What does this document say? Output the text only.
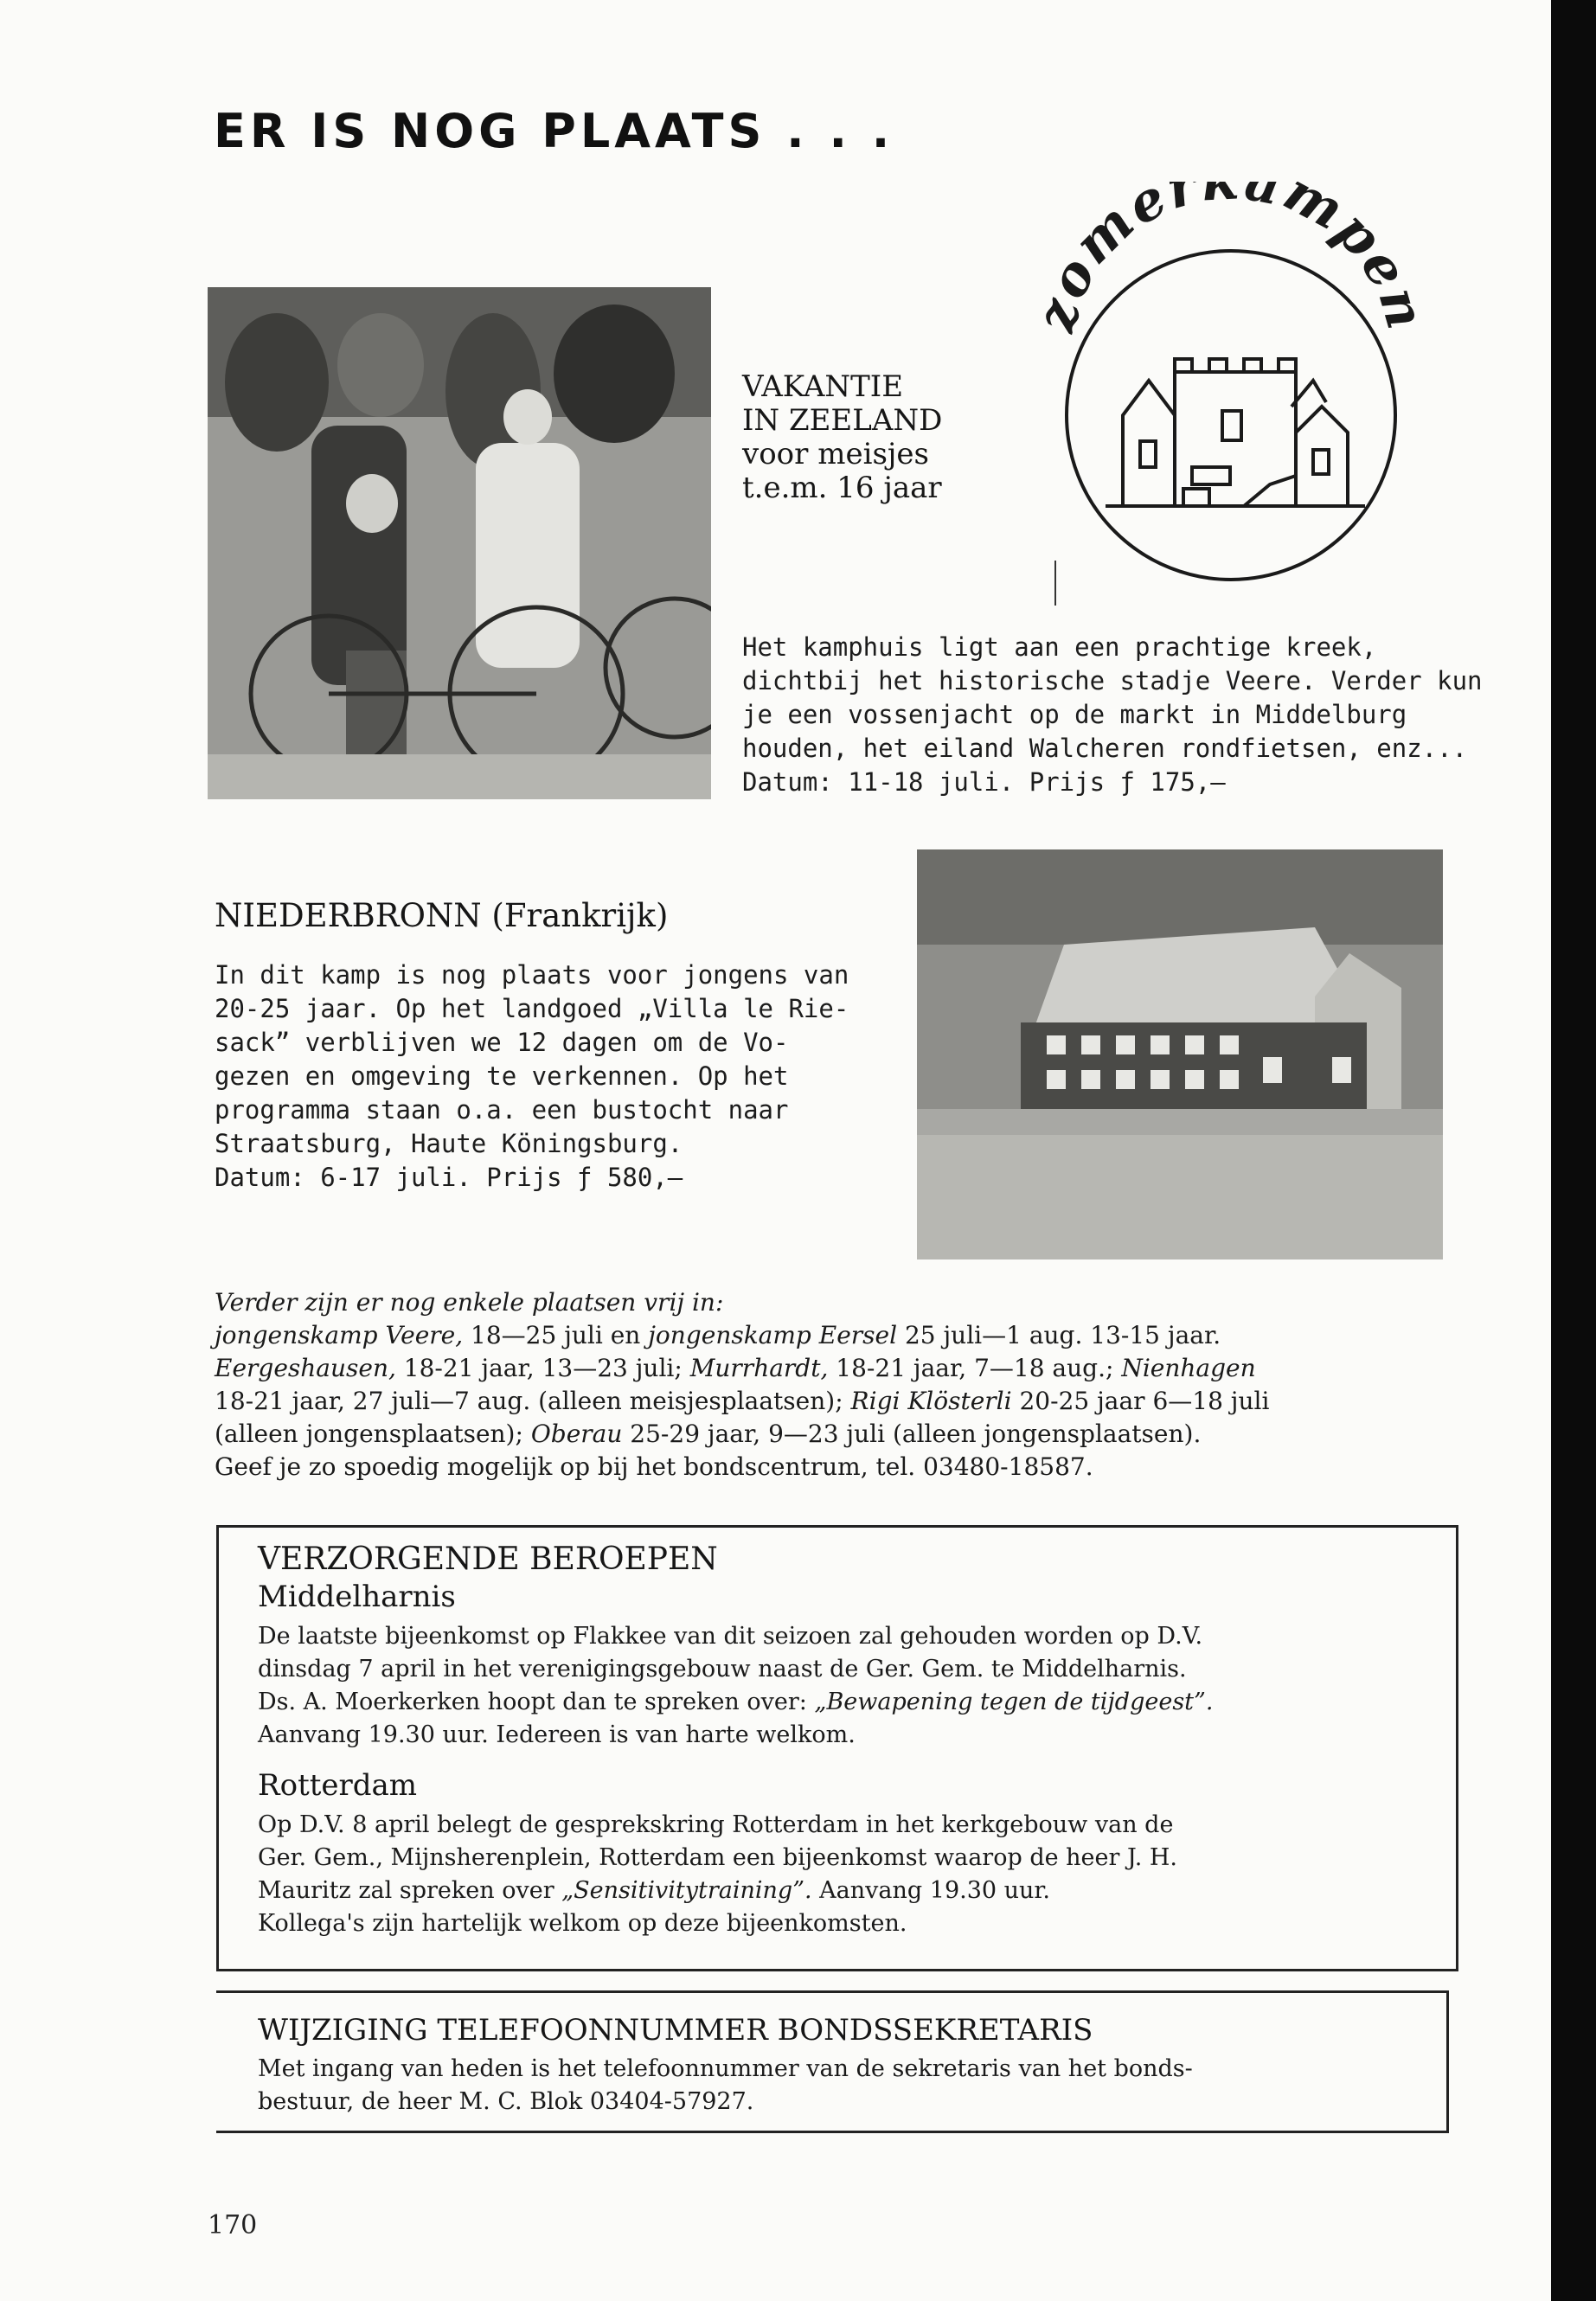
ER IS NOG PLAATS . . .
VAKANTIE
IN ZEELAND
voor meisjes
t.e.m. 16 jaar
zomer ampen
Het kamphuis ligt aan een prachtige kreek,
dichtbij het historische stadje Veere. Verder kun
je een vossenjacht op de markt in Middelburg
houden, het eiland Walcheren rondfietsen, enz...
Datum: 11-18 juli. Prijs ƒ 175,—
NIEDERBRONN (Frankrijk)
In dit kamp is nog plaats voor jongens van
20-25 jaar. Op het landgoed „Villa le Rie-
sack” verblijven we 12 dagen om de Vo-
gezen en omgeving te verkennen. Op het
programma staan o.a. een bustocht naar
Straatsburg, Haute Köningsburg.
Datum: 6-17 juli. Prijs ƒ 580,—
Verder zijn er nog enkele plaatsen vrij in:
jongenskamp Veere, 18—25 juli en jongenskamp Eersel 25 juli—1 aug. 13-15 jaar.
Eergeshausen, 18-21 jaar, 13—23 juli; Murrhardt, 18-21 jaar, 7—18 aug.; Nienhagen
18-21 jaar, 27 juli—7 aug. (alleen meisjesplaatsen); Rigi Klösterli 20-25 jaar 6—18 juli
(alleen jongensplaatsen); Oberau 25-29 jaar, 9—23 juli (alleen jongensplaatsen).
Geef je zo spoedig mogelijk op bij het bondscentrum, tel. 03480-18587.
VERZORGENDE BEROEPEN
Middelharnis
De laatste bijeenkomst op Flakkee van dit seizoen zal gehouden worden op D.V.
dinsdag 7 april in het verenigingsgebouw naast de Ger. Gem. te Middelharnis.
Ds. A. Moerkerken hoopt dan te spreken over: „Bewapening tegen de tijdgeest”.
Aanvang 19.30 uur. Iedereen is van harte welkom.
Rotterdam
Op D.V. 8 april belegt de gesprekskring Rotterdam in het kerkgebouw van de
Ger. Gem., Mijnsherenplein, Rotterdam een bijeenkomst waarop de heer J. H.
Mauritz zal spreken over „Sensitivitytraining”. Aanvang 19.30 uur.
Kollega's zijn hartelijk welkom op deze bijeenkomsten.
WIJZIGING TELEFOONNUMMER BONDSSEKRETARIS
Met ingang van heden is het telefoonnummer van de sekretaris van het bonds-
bestuur, de heer M. C. Blok 03404-57927.
170
